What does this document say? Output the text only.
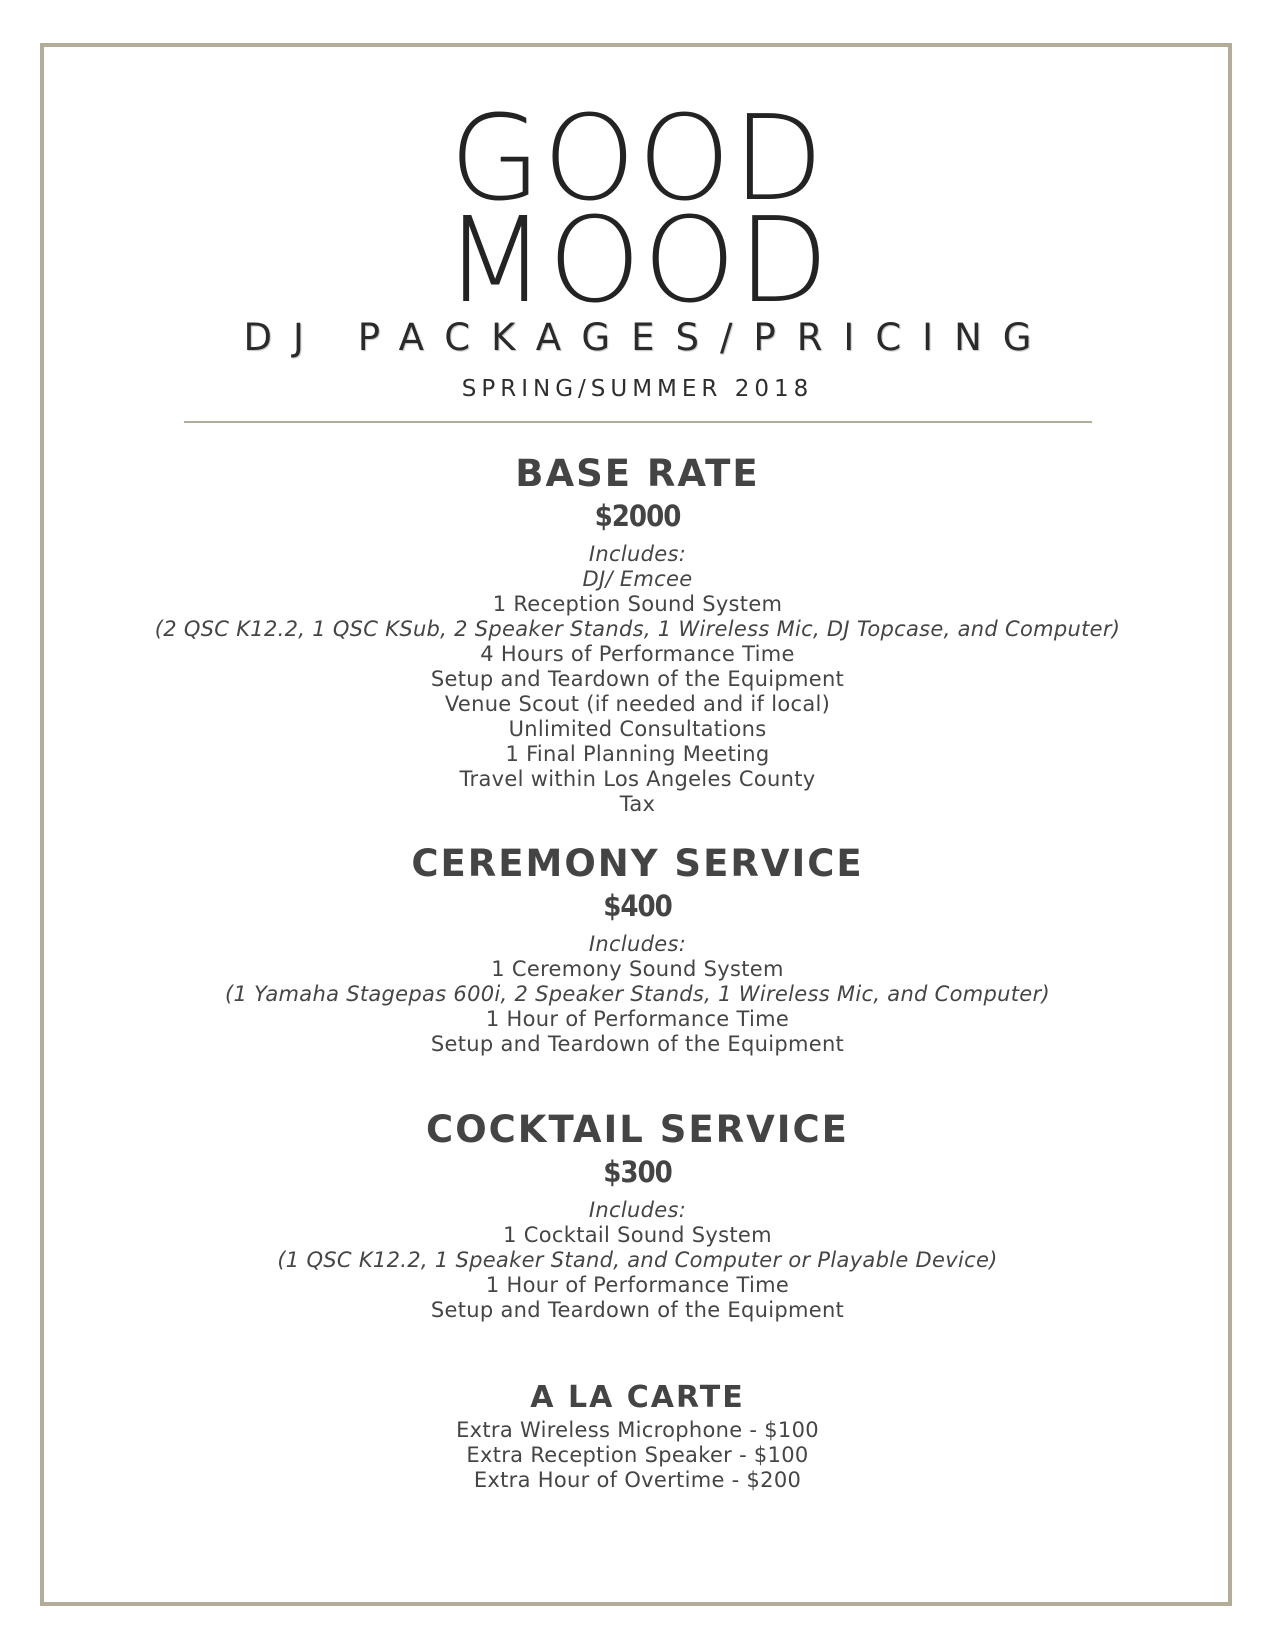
GOOD
MOOD
DJ PACKAGES/PRICING
SPRING/SUMMER 2018
BASE RATE
$2000
Includes:
DJ/ Emcee
1 Reception Sound System
(2 QSC K12.2, 1 QSC KSub, 2 Speaker Stands, 1 Wireless Mic, DJ Topcase, and Computer)
4 Hours of Performance Time
Setup and Teardown of the Equipment
Venue Scout (if needed and if local)
Unlimited Consultations
1 Final Planning Meeting
Travel within Los Angeles County
Tax
CEREMONY SERVICE
$400
Includes:
1 Ceremony Sound System
(1 Yamaha Stagepas 600i, 2 Speaker Stands, 1 Wireless Mic, and Computer)
1 Hour of Performance Time
Setup and Teardown of the Equipment
COCKTAIL SERVICE
$300
Includes:
1 Cocktail Sound System
(1 QSC K12.2, 1 Speaker Stand, and Computer or Playable Device)
1 Hour of Performance Time
Setup and Teardown of the Equipment
A LA CARTE
Extra Wireless Microphone - $100
Extra Reception Speaker - $100
Extra Hour of Overtime - $200
